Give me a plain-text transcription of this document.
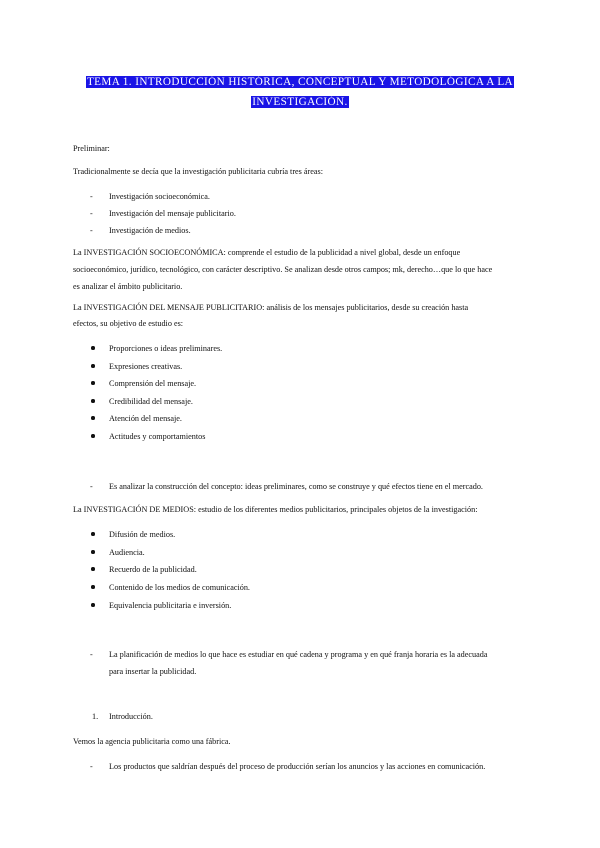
TEMA 1. INTRODUCCIÓN HISTÓRICA, CONCEPTUAL Y METODOLÓGICA A LA INVESTIGACIÓN.
Preliminar:
Tradicionalmente se decía que la investigación publicitaria cubría tres áreas:
- Investigación socioeconómica.
- Investigación del mensaje publicitario.
- Investigación de medios.
La INVESTIGACIÓN SOCIOECONÓMICA: comprende el estudio de la publicidad a nivel global, desde un enfoque
socioeconómico, jurídico, tecnológico, con carácter descriptivo. Se analizan desde otros campos; mk, derecho…que lo que hace
es analizar el ámbito publicitario.
La INVESTIGACIÓN DEL MENSAJE PUBLICITARIO: análisis de los mensajes publicitarios, desde su creación hasta
efectos, su objetivo de estudio es:
Proporciones o ideas preliminares.
Expresiones creativas.
Comprensión del mensaje.
Credibilidad del mensaje.
Atención del mensaje.
Actitudes y comportamientos
- Es analizar la construcción del concepto: ideas preliminares, como se construye y qué efectos tiene en el mercado.
La INVESTIGACIÓN DE MEDIOS: estudio de los diferentes medios publicitarios, principales objetos de la investigación:
Difusión de medios.
Audiencia.
Recuerdo de la publicidad.
Contenido de los medios de comunicación.
Equivalencia publicitaria e inversión.
- La planificación de medios lo que hace es estudiar en qué cadena y programa y en qué franja horaria es la adecuada
para insertar la publicidad.
1. Introducción.
Vemos la agencia publicitaria como una fábrica.
- Los productos que saldrían después del proceso de producción serían los anuncios y las acciones en comunicación.
